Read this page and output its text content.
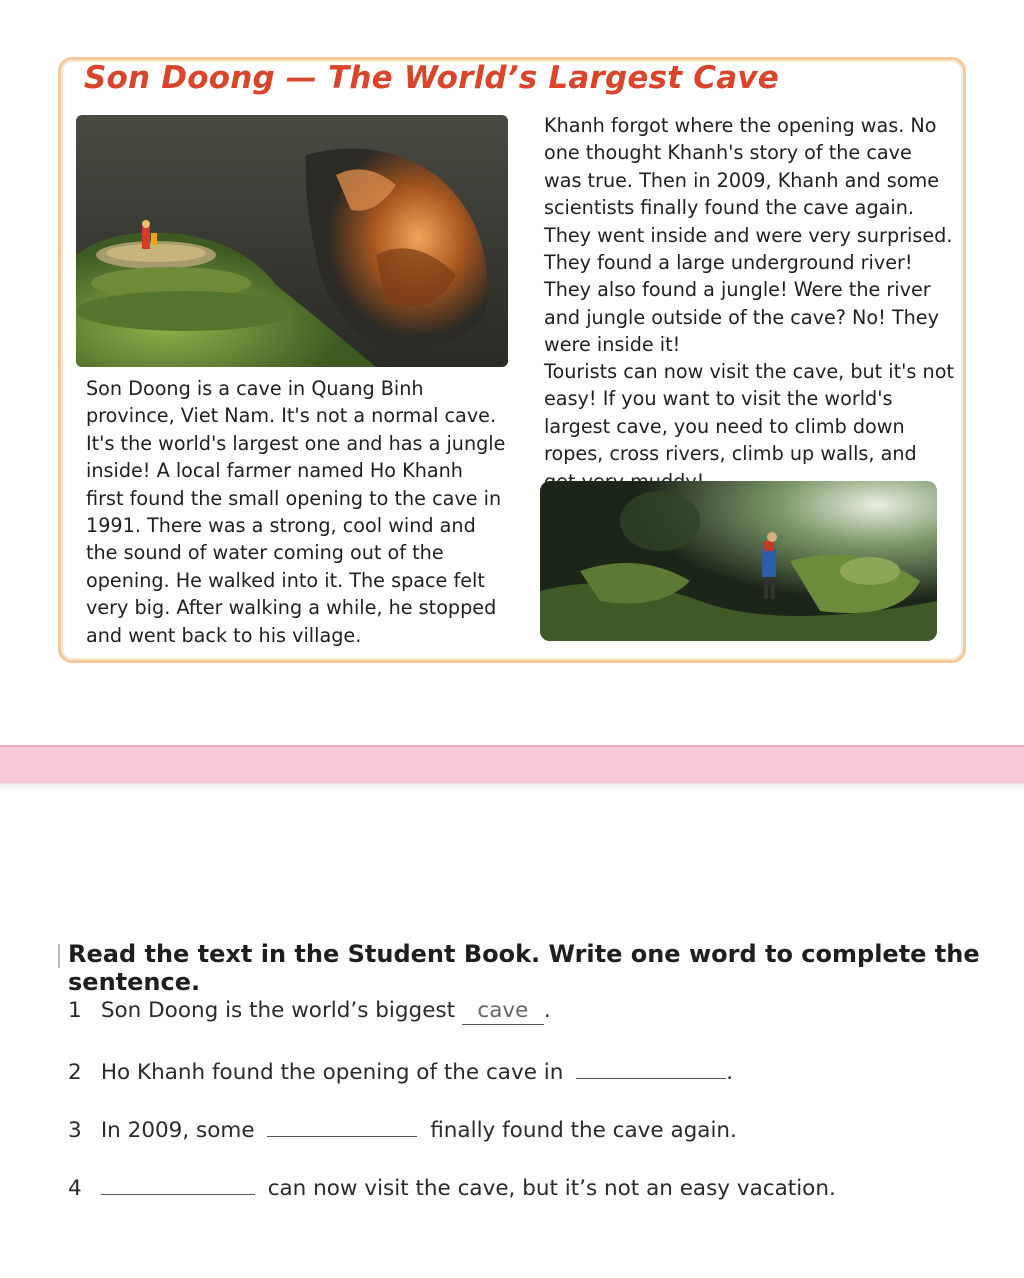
Son Doong — The World’s Largest Cave

Son Doong is a cave in Quang Binh province, Viet Nam. It's not a normal cave. It's the world's largest one and has a jungle inside! A local farmer named Ho Khanh first found the small opening to the cave in 1991. There was a strong, cool wind and the sound of water coming out of the opening. He walked into it. The space felt very big. After walking a while, he stopped and went back to his village.

Khanh forgot where the opening was. No one thought Khanh's story of the cave was true. Then in 2009, Khanh and some scientists finally found the cave again. They went inside and were very surprised. They found a large underground river! They also found a jungle! Were the river and jungle outside of the cave? No! They were inside it!

Tourists can now visit the cave, but it's not easy! If you want to visit the world's largest cave, you need to climb down ropes, cross rivers, climb up walls, and

Read the text in the Student Book. Write one word to complete the sentence.
1 Son Doong is the world’s biggest cave .
2 Ho Khanh found the opening of the cave in	.
3 In 2009, some	finally found the cave again.
4	can now visit the cave, but it’s not an easy vacation.
